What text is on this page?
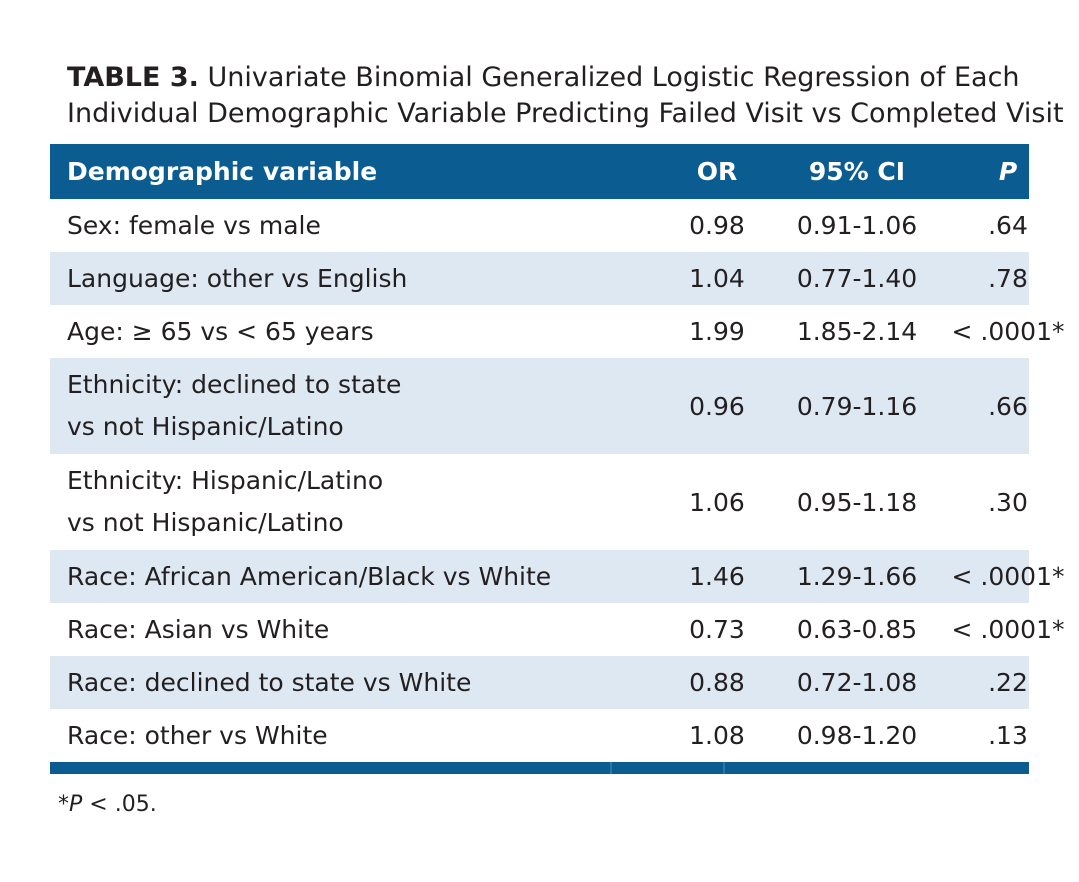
TABLE 3. Univariate Binomial Generalized Logistic Regression of Each
Individual Demographic Variable Predicting Failed Visit vs Completed Visit
Demographic variable	OR	95% CI	P
Sex: female vs male	0.98 0.91-1.06	.64
Language: other vs English	1.04 0.77-1.40	.78
Age: ≥ 65 vs < 65 years	1.99 1.85-2.14 < .0001*
Ethnicity: declined to state
vs not Hispanic/Latino
0.96 0.79-1.16	.66
Ethnicity: Hispanic/Latino
vs not Hispanic/Latino
1.06 0.95-1.18	.30
Race: African American/Black vs White	1.46 1.29-1.66 < .0001*
Race: Asian vs White	0.73 0.63-0.85 < .0001*
Race: declined to state vs White	0.88 0.72-1.08	.22
Race: other vs White	1.08 0.98-1.20	.13
*P < .05.
